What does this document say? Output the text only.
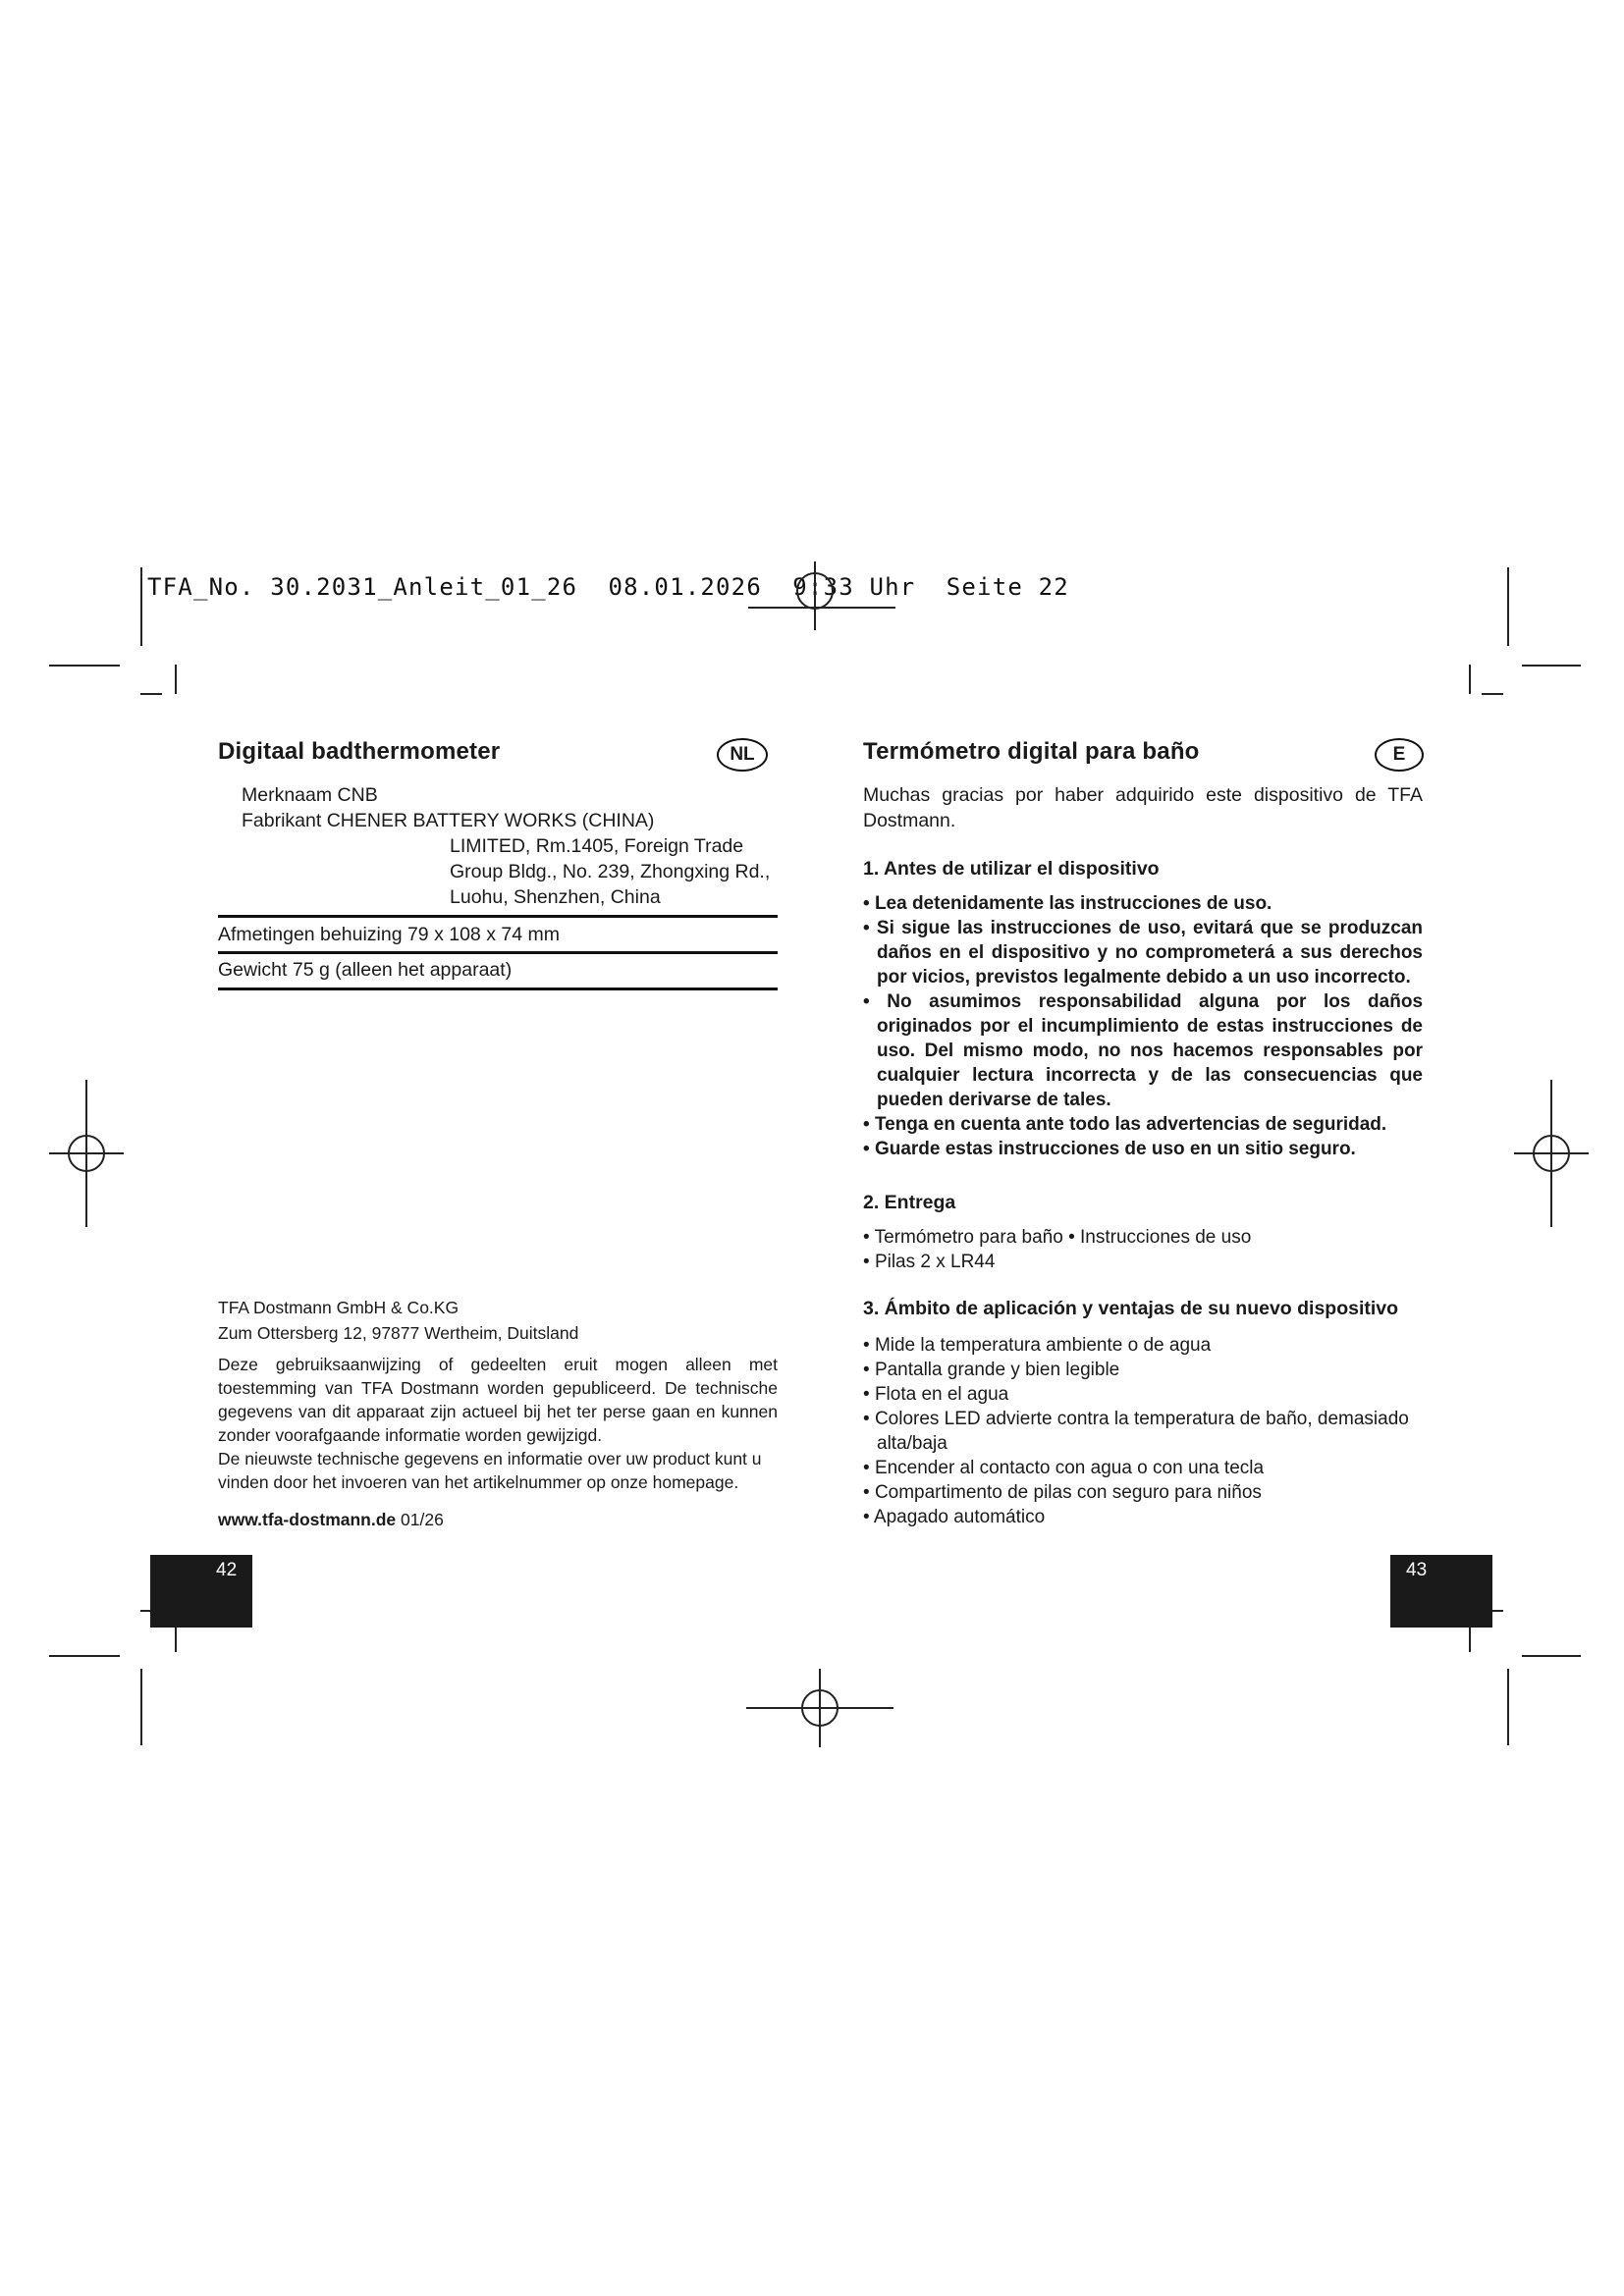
TFA_No. 30.2031_Anleit_01_26  08.01.2026  9:33 Uhr  Seite 22
Digitaal badthermometer	NL
Merknaam CNB
Fabrikant CHENER BATTERY WORKS (CHINA)
LIMITED, Rm.1405, Foreign Trade
Group Bldg., No. 239, Zhongxing Rd.,
Luohu, Shenzhen, China
Afmetingen behuizing 79 x 108 x 74 mm
Gewicht 75 g (alleen het apparaat)
TFA Dostmann GmbH & Co.KG
Zum Ottersberg 12, 97877 Wertheim, Duitsland
Deze gebruiksaanwijzing of gedeelten eruit mogen alleen met toestemming van TFA Dostmann worden gepubliceerd. De technische gegevens van dit apparaat zijn actueel bij het ter perse gaan en kunnen zonder voorafgaande informatie worden gewijzigd.
De nieuwste technische gegevens en informatie over uw product kunt u vinden door het invoeren van het artikelnummer op onze homepage.
www.tfa-dostmann.de 01/26
42
Termómetro digital para baño	E
Muchas gracias por haber adquirido este dispositivo de TFA Dostmann.
1. Antes de utilizar el dispositivo
• Lea detenidamente las instrucciones de uso.
• Si sigue las instrucciones de uso, evitará que se produzcan daños en el dispositivo y no comprometerá a sus derechos por vicios, previstos legalmente debido a un uso incorrecto.
• No asumimos responsabilidad alguna por los daños originados por el incumplimiento de estas instrucciones de uso. Del mismo modo, no nos hacemos responsables por cualquier lectura incorrecta y de las consecuencias que pueden derivarse de tales.
• Tenga en cuenta ante todo las advertencias de seguridad.
• Guarde estas instrucciones de uso en un sitio seguro.
2. Entrega
• Termómetro para baño • Instrucciones de uso
• Pilas 2 x LR44
3. Ámbito de aplicación y ventajas de su nuevo dispositivo
• Mide la temperatura ambiente o de agua
• Pantalla grande y bien legible
• Flota en el agua
• Colores LED advierte contra la temperatura de baño, demasiado alta/baja
• Encender al contacto con agua o con una tecla
• Compartimento de pilas con seguro para niños
• Apagado automático
43
